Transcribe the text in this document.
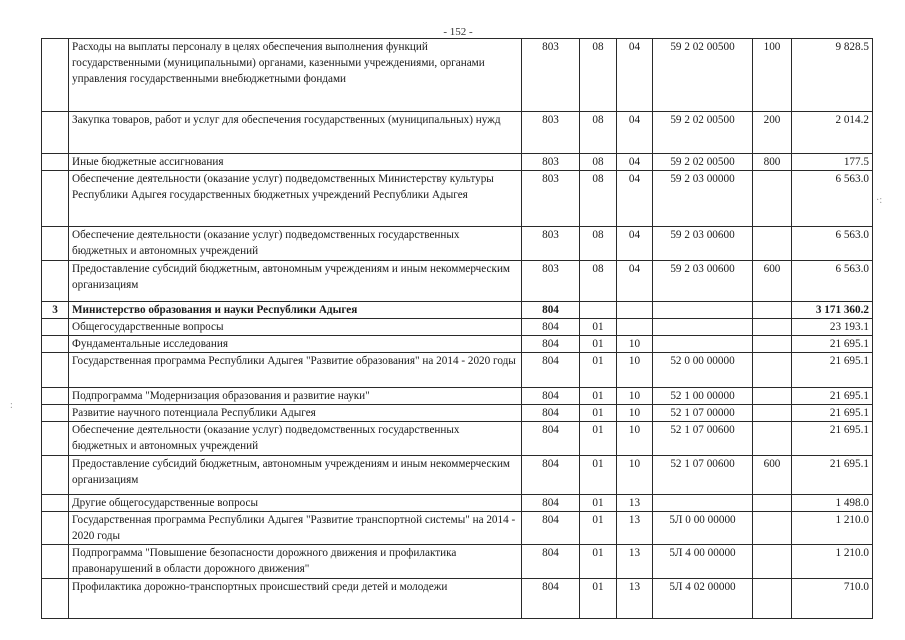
- 152 -
	Расходы на выплаты персоналу в целях обеспечения выполнения функций государственными (муниципальными) органами, казенными учреждениями, органами управления государственными внебюджетными фондами	803	08	04	59 2 02 00500	100	9 828.5
	Закупка товаров, работ и услуг для обеспечения государственных (муниципальных) нужд	803	08	04	59 2 02 00500	200	2 014.2
	Иные бюджетные ассигнования	803	08	04	59 2 02 00500	800	177.5
	Обеспечение деятельности (оказание услуг) подведомственных Министерству культуры Республики Адыгея государственных бюджетных учреждений Республики Адыгея	803	08	04	59 2 03 00000		6 563.0
	Обеспечение деятельности (оказание услуг) подведомственных государственных бюджетных и автономных учреждений	803	08	04	59 2 03 00600		6 563.0
	Предоставление субсидий бюджетным, автономным учреждениям и иным некоммерческим организациям	803	08	04	59 2 03 00600	600	6 563.0
3	Министерство образования и науки Республики Адыгея	804					3 171 360.2
	Общегосударственные вопросы	804	01				23 193.1
	Фундаментальные исследования	804	01	10			21 695.1
	Государственная программа Республики Адыгея "Развитие образования" на 2014 - 2020 годы	804	01	10	52 0 00 00000		21 695.1
	Подпрограмма "Модернизация образования и развитие науки"	804	01	10	52 1 00 00000		21 695.1
	Развитие научного потенциала Республики Адыгея	804	01	10	52 1 07 00000		21 695.1
	Обеспечение деятельности (оказание услуг) подведомственных государственных бюджетных и автономных учреждений	804	01	10	52 1 07 00600		21 695.1
	Предоставление субсидий бюджетным, автономным учреждениям и иным некоммерческим организациям	804	01	10	52 1 07 00600	600	21 695.1
	Другие общегосударственные вопросы	804	01	13			1 498.0
	Государственная программа Республики Адыгея "Развитие транспортной системы" на 2014 - 2020 годы	804	01	13	5Л 0 00 00000		1 210.0
	Подпрограмма "Повышение безопасности дорожного движения и профилактика правонарушений в области дорожного движения"	804	01	13	5Л 4 00 00000		1 210.0
	Профилактика дорожно-транспортных происшествий среди детей и молодежи	804	01	13	5Л 4 02 00000		710.0
·:
:
